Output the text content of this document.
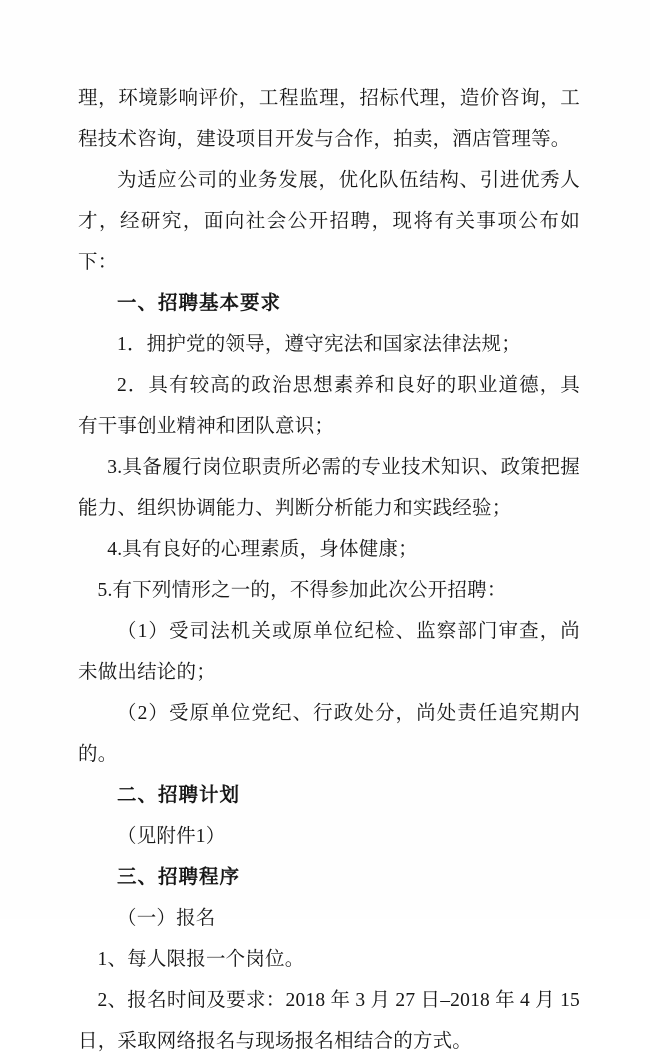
理，环境影响评价，工程监理，招标代理，造价咨询，工程技术咨询，建设项目开发与合作，拍卖，酒店管理等。

为适应公司的业务发展，优化队伍结构、引进优秀人才，经研究，面向社会公开招聘，现将有关事项公布如下：

一、招聘基本要求

1．拥护党的领导，遵守宪法和国家法律法规；

2．具有较高的政治思想素养和良好的职业道德，具有干事创业精神和团队意识；

3.具备履行岗位职责所必需的专业技术知识、政策把握能力、组织协调能力、判断分析能力和实践经验；

4.具有良好的心理素质，身体健康；

5.有下列情形之一的，不得参加此次公开招聘：

（1）受司法机关或原单位纪检、监察部门审查，尚未做出结论的；

（2）受原单位党纪、行政处分，尚处责任追究期内的。

二、招聘计划

（见附件1）

三、招聘程序

（一）报名

1、每人限报一个岗位。

2、报名时间及要求：2018 年 3 月 27 日–2018 年 4 月 15 日，采取网络报名与现场报名相结合的方式。
